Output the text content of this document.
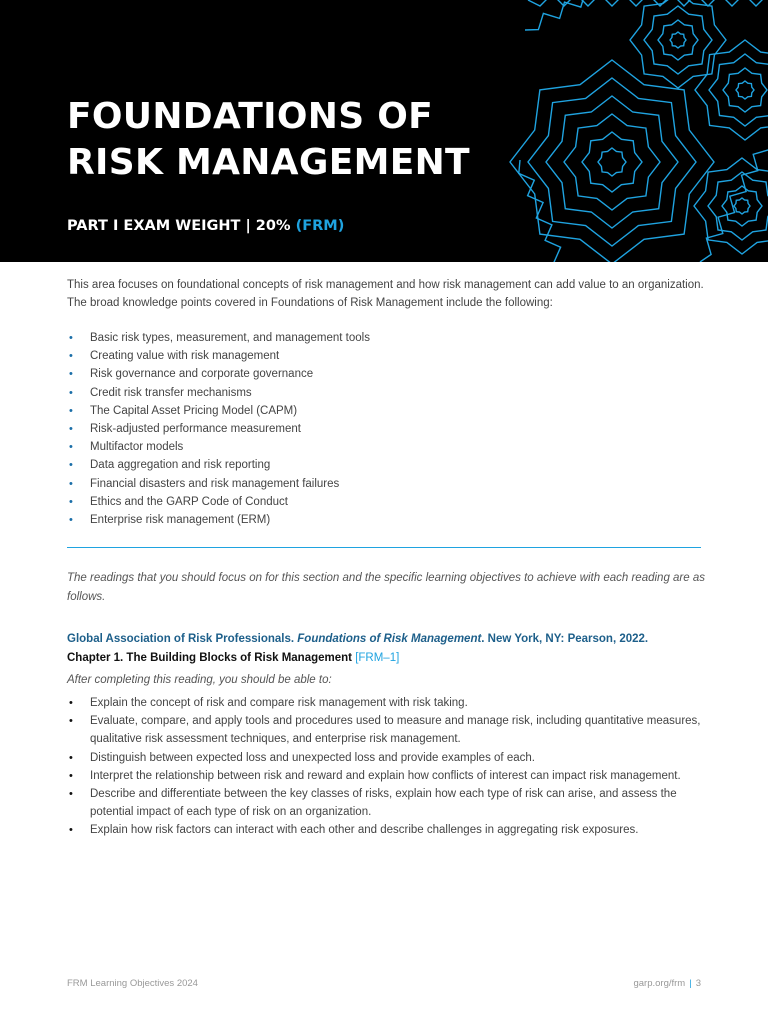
FOUNDATIONS OF
RISK MANAGEMENT
PART I EXAM WEIGHT | 20% (FRM)

This area focuses on foundational concepts of risk management and how risk management can add value to an organization. The broad knowledge points covered in Foundations of Risk Management include the following:

• Basic risk types, measurement, and management tools
• Creating value with risk management
• Risk governance and corporate governance
• Credit risk transfer mechanisms
• The Capital Asset Pricing Model (CAPM)
• Risk-adjusted performance measurement
• Multifactor models
• Data aggregation and risk reporting
• Financial disasters and risk management failures
• Ethics and the GARP Code of Conduct
• Enterprise risk management (ERM)

The readings that you should focus on for this section and the specific learning objectives to achieve with each reading are as follows.

Global Association of Risk Professionals. Foundations of Risk Management. New York, NY: Pearson, 2022.
Chapter 1. The Building Blocks of Risk Management [FRM–1]
After completing this reading, you should be able to:
• Explain the concept of risk and compare risk management with risk taking.
• Evaluate, compare, and apply tools and procedures used to measure and manage risk, including quantitative measures, qualitative risk assessment techniques, and enterprise risk management.
• Distinguish between expected loss and unexpected loss and provide examples of each.
• Interpret the relationship between risk and reward and explain how conflicts of interest can impact risk management.
• Describe and differentiate between the key classes of risks, explain how each type of risk can arise, and assess the potential impact of each type of risk on an organization.
• Explain how risk factors can interact with each other and describe challenges in aggregating risk exposures.
FRM Learning Objectives 2024	garp.org/frm | 3
